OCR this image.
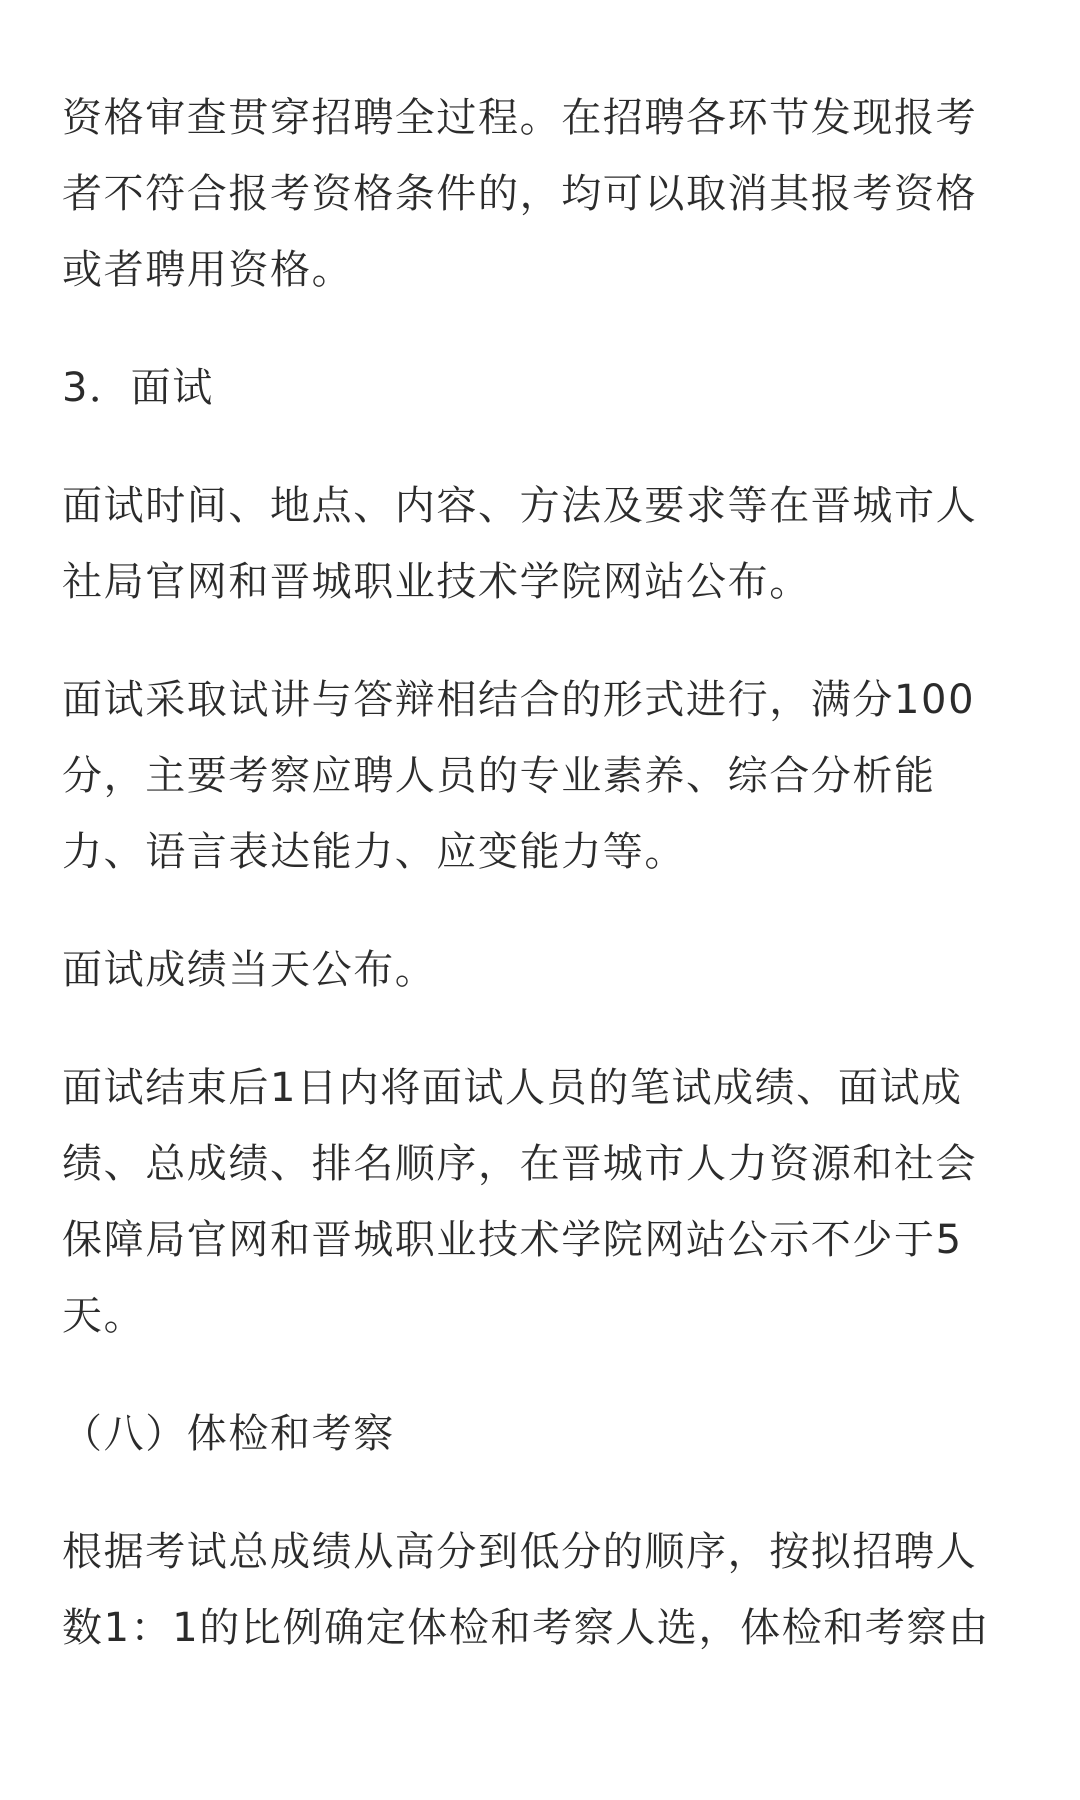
资格审查贯穿招聘全过程。在招聘各环节发现报考
者不符合报考资格条件的，均可以取消其报考资格
或者聘用资格。

3．面试

面试时间、地点、内容、方法及要求等在晋城市人
社局官网和晋城职业技术学院网站公布。

面试采取试讲与答辩相结合的形式进行，满分100
分，主要考察应聘人员的专业素养、综合分析能
力、语言表达能力、应变能力等。

面试成绩当天公布。

面试结束后1日内将面试人员的笔试成绩、面试成
绩、总成绩、排名顺序，在晋城市人力资源和社会
保障局官网和晋城职业技术学院网站公示不少于5
天。

（八）体检和考察

根据考试总成绩从高分到低分的顺序，按拟招聘人
数1：1的比例确定体检和考察人选，体检和考察由
